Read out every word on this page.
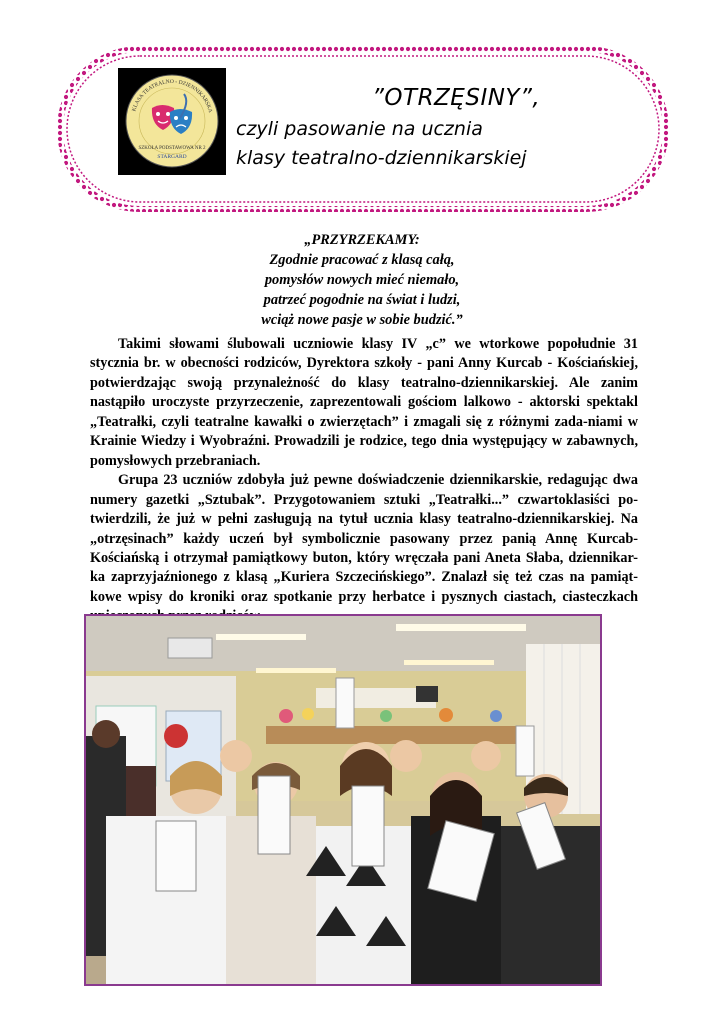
SZKOŁA PODSTAWOWA NR 2
STARGARD
KLASA TEATRALNO - DZIENNIKARSKA	”OTRZĘSINY”,
czyli pasowanie na ucznia
klasy teatralno-dziennikarskiej
„PRZYRZEKAMY:
Zgodnie pracować z klasą całą,
pomysłów nowych mieć niemało,
patrzeć pogodnie na świat i ludzi,
wciąż nowe pasje w sobie budzić.”

Takimi słowami ślubowali uczniowie klasy IV „c” we wtorkowe popołudnie 31 stycznia br. w obecności rodziców, Dyrektora szkoły - pani Anny Kurcab - Kościańskiej, potwierdzając swoją przynależność do klasy teatralno-dziennikarskiej. Ale zanim nastąpiło uroczyste przyrzeczenie, zaprezentowali gościom lalkowo - aktorski spektakl „Teatrałki, czyli teatralne kawałki o zwierzętach” i zmagali się z różnymi zada-niami w Krainie Wiedzy i Wyobraźni. Prowadzili je rodzice, tego dnia występujący w zabawnych, pomysłowych przebraniach.

Grupa 23 uczniów zdobyła już pewne doświadczenie dziennikarskie, redagując dwa numery gazetki „Sztubak”. Przygotowaniem sztuki „Teatrałki...” czwartoklasiści po-twierdzili, że już w pełni zasługują na tytuł ucznia klasy teatralno-dziennikarskiej. Na „otrzęsinach” każdy uczeń był symbolicznie pasowany przez panią Annę Kurcab-Kościańską i otrzymał pamiątkowy buton, który wręczała pani Aneta Słaba, dziennikar-ka zaprzyjaźnionego z klasą „Kuriera Szczecińskiego”. Znalazł się też czas na pamiąt-kowe wpisy do kroniki oraz spotkanie przy herbatce i pysznych ciastach, ciasteczkach
